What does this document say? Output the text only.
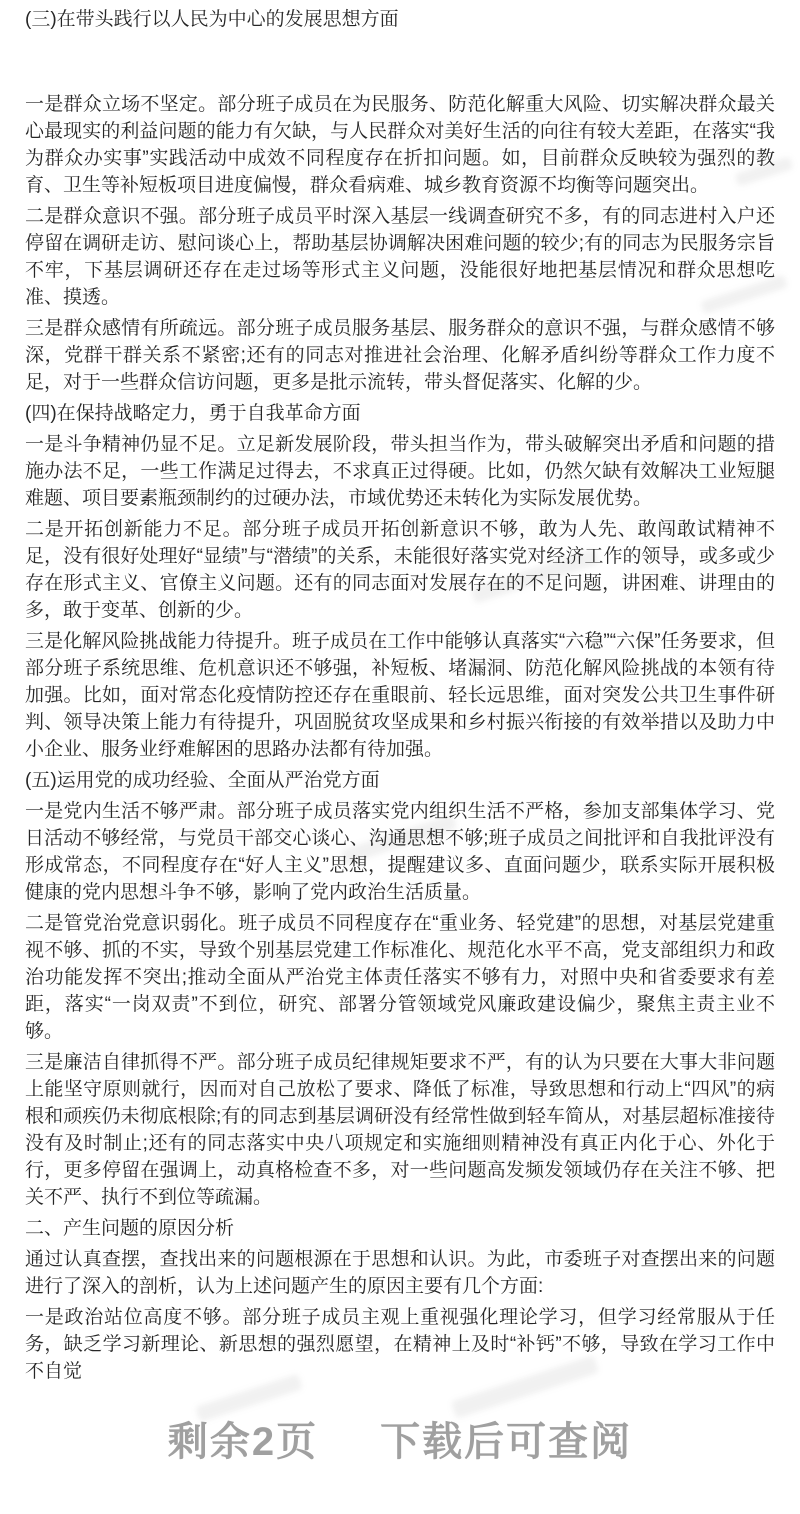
(三)在带头践行以人民为中心的发展思想方面

一是群众立场不坚定。部分班子成员在为民服务、防范化解重大风险、切实解决群众最关心最现实的利益问题的能力有欠缺，与人民群众对美好生活的向往有较大差距，在落实“我为群众办实事”实践活动中成效不同程度存在折扣问题。如，目前群众反映较为强烈的教育、卫生等补短板项目进度偏慢，群众看病难、城乡教育资源不均衡等问题突出。

二是群众意识不强。部分班子成员平时深入基层一线调查研究不多，有的同志进村入户还停留在调研走访、慰问谈心上，帮助基层协调解决困难问题的较少;有的同志为民服务宗旨不牢，下基层调研还存在走过场等形式主义问题，没能很好地把基层情况和群众思想吃准、摸透。

三是群众感情有所疏远。部分班子成员服务基层、服务群众的意识不强，与群众感情不够深，党群干群关系不紧密;还有的同志对推进社会治理、化解矛盾纠纷等群众工作力度不足，对于一些群众信访问题，更多是批示流转，带头督促落实、化解的少。

(四)在保持战略定力，勇于自我革命方面

一是斗争精神仍显不足。立足新发展阶段，带头担当作为，带头破解突出矛盾和问题的措施办法不足，一些工作满足过得去，不求真正过得硬。比如，仍然欠缺有效解决工业短腿难题、项目要素瓶颈制约的过硬办法，市域优势还未转化为实际发展优势。

二是开拓创新能力不足。部分班子成员开拓创新意识不够，敢为人先、敢闯敢试精神不足，没有很好处理好“显绩”与“潜绩”的关系，未能很好落实党对经济工作的领导，或多或少存在形式主义、官僚主义问题。还有的同志面对发展存在的不足问题，讲困难、讲理由的多，敢于变革、创新的少。

三是化解风险挑战能力待提升。班子成员在工作中能够认真落实“六稳”“六保”任务要求，但部分班子系统思维、危机意识还不够强，补短板、堵漏洞、防范化解风险挑战的本领有待加强。比如，面对常态化疫情防控还存在重眼前、轻长远思维，面对突发公共卫生事件研判、领导决策上能力有待提升，巩固脱贫攻坚成果和乡村振兴衔接的有效举措以及助力中小企业、服务业纾难解困的思路办法都有待加强。

(五)运用党的成功经验、全面从严治党方面

一是党内生活不够严肃。部分班子成员落实党内组织生活不严格，参加支部集体学习、党日活动不够经常，与党员干部交心谈心、沟通思想不够;班子成员之间批评和自我批评没有形成常态，不同程度存在“好人主义”思想，提醒建议多、直面问题少，联系实际开展积极健康的党内思想斗争不够，影响了党内政治生活质量。

二是管党治党意识弱化。班子成员不同程度存在“重业务、轻党建”的思想，对基层党建重视不够、抓的不实，导致个别基层党建工作标准化、规范化水平不高，党支部组织力和政治功能发挥不突出;推动全面从严治党主体责任落实不够有力，对照中央和省委要求有差距，落实“一岗双责”不到位，研究、部署分管领域党风廉政建设偏少，聚焦主责主业不够。

三是廉洁自律抓得不严。部分班子成员纪律规矩要求不严，有的认为只要在大事大非问题上能坚守原则就行，因而对自己放松了要求、降低了标准，导致思想和行动上“四风”的病根和顽疾仍未彻底根除;有的同志到基层调研没有经常性做到轻车简从，对基层超标准接待没有及时制止;还有的同志落实中央八项规定和实施细则精神没有真正内化于心、外化于行，更多停留在强调上，动真格检查不多，对一些问题高发频发领域仍存在关注不够、把关不严、执行不到位等疏漏。

二、产生问题的原因分析

通过认真查摆，查找出来的问题根源在于思想和认识。为此，市委班子对查摆出来的问题进行了深入的剖析，认为上述问题产生的原因主要有几个方面:

一是政治站位高度不够。部分班子成员主观上重视强化理论学习，但学习经常服从于任务，缺乏学习新理论、新思想的强烈愿望，在精神上及时“补钙”不够，导致在学习工作中不自觉

剩余2页 下载后可查阅
